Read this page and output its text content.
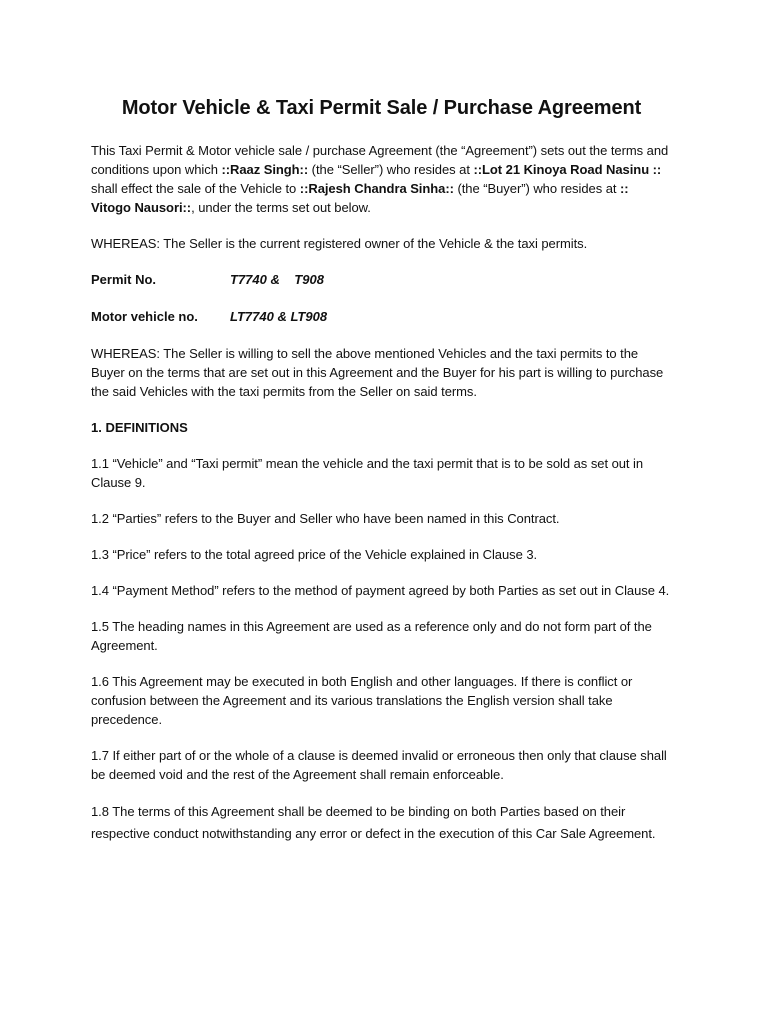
Motor Vehicle & Taxi Permit Sale / Purchase Agreement

This Taxi Permit & Motor vehicle sale / purchase Agreement (the “Agreement”) sets out the terms and conditions upon which ::Raaz Singh:: (the “Seller”) who resides at ::Lot 21 Kinoya Road Nasinu :: shall effect the sale of the Vehicle to ::Rajesh Chandra Sinha:: (the “Buyer”) who resides at :: Vitogo Nausori::, under the terms set out below.

WHEREAS: The Seller is the current registered owner of the Vehicle & the taxi permits.

Permit No.	T7740 &    T908
Motor vehicle no.	LT7740 & LT908

WHEREAS: The Seller is willing to sell the above mentioned Vehicles and the taxi permits to the Buyer on the terms that are set out in this Agreement and the Buyer for his part is willing to purchase the said Vehicles with the taxi permits from the Seller on said terms.

1. DEFINITIONS

1.1 “Vehicle” and “Taxi permit” mean the vehicle and the taxi permit that is to be sold as set out in Clause 9.

1.2 “Parties” refers to the Buyer and Seller who have been named in this Contract.

1.3 “Price” refers to the total agreed price of the Vehicle explained in Clause 3.

1.4 “Payment Method” refers to the method of payment agreed by both Parties as set out in Clause 4.

1.5 The heading names in this Agreement are used as a reference only and do not form part of the Agreement.

1.6 This Agreement may be executed in both English and other languages. If there is conflict or confusion between the Agreement and its various translations the English version shall take precedence.

1.7 If either part of or the whole of a clause is deemed invalid or erroneous then only that clause shall be deemed void and the rest of the Agreement shall remain enforceable.

1.8 The terms of this Agreement shall be deemed to be binding on both Parties based on their respective conduct notwithstanding any error or defect in the execution of this Car Sale Agreement.
